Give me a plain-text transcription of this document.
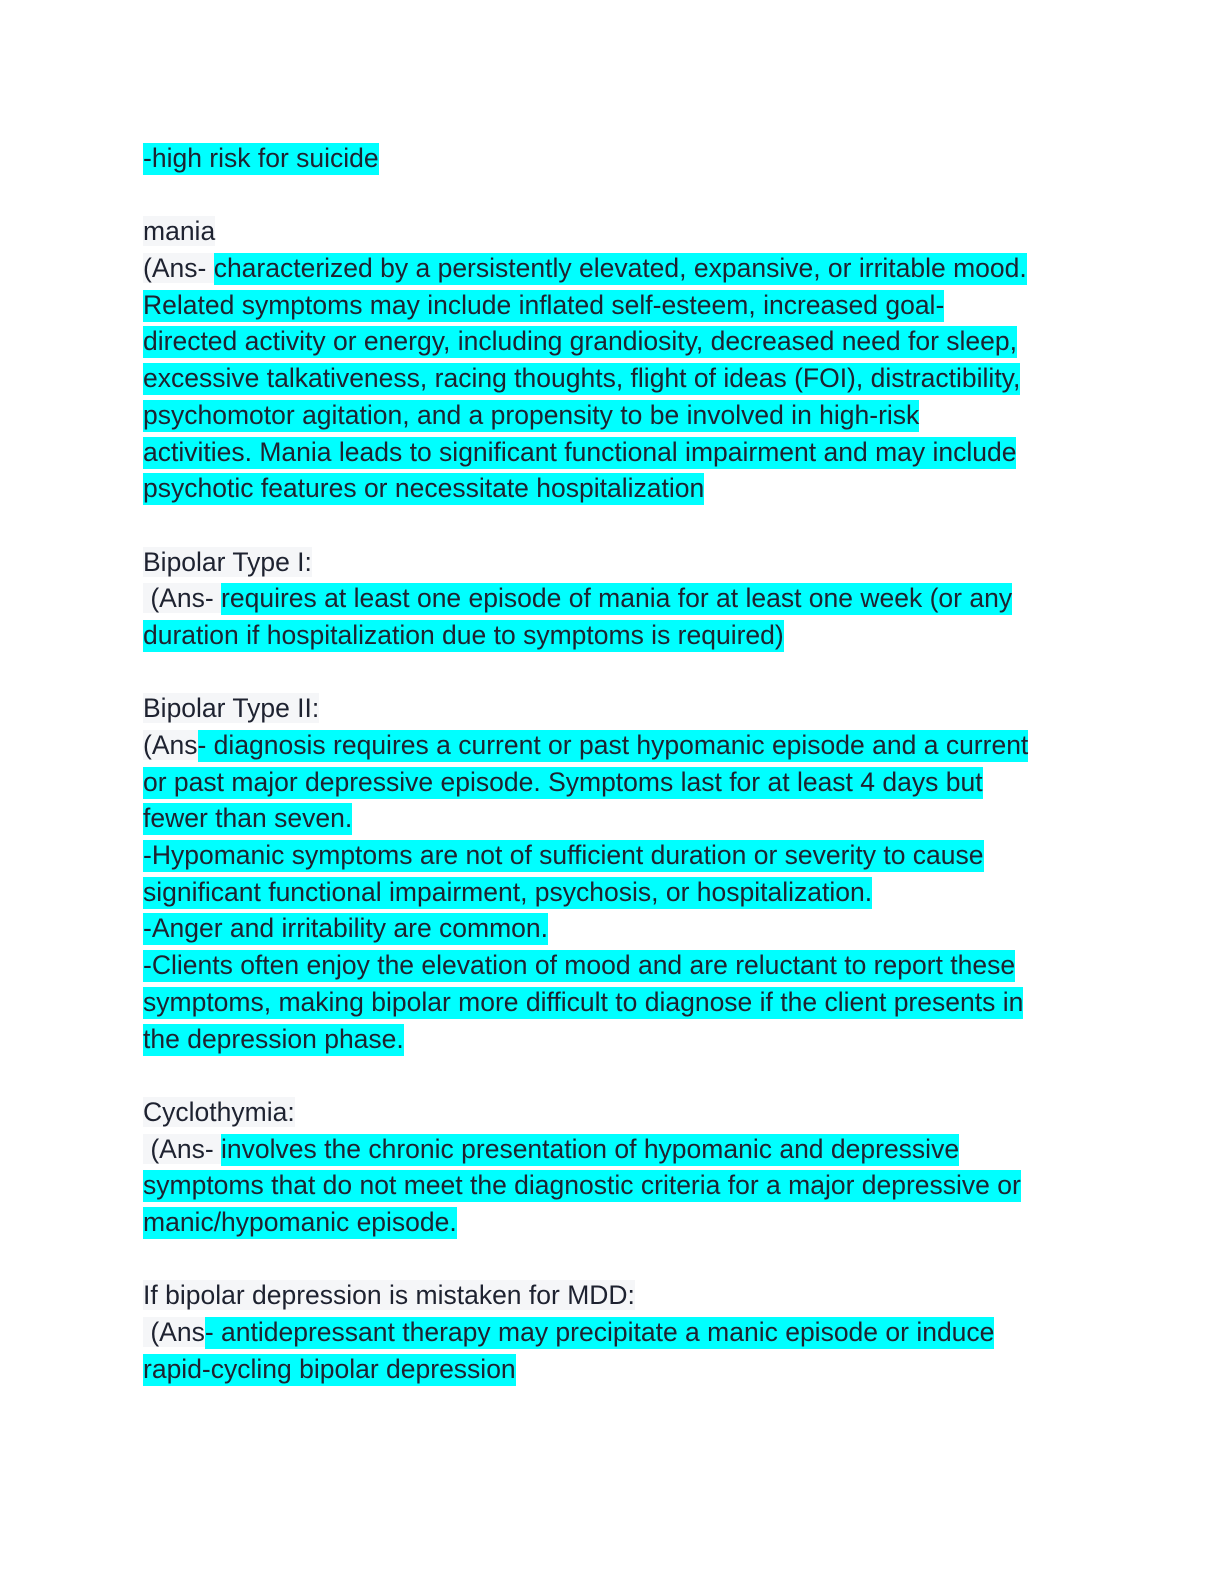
-high risk for suicide
mania
(Ans- characterized by a persistently elevated, expansive, or irritable mood.
Related symptoms may include inflated self-esteem, increased goal-
directed activity or energy, including grandiosity, decreased need for sleep,
excessive talkativeness, racing thoughts, flight of ideas (FOI), distractibility,
psychomotor agitation, and a propensity to be involved in high-risk
activities. Mania leads to significant functional impairment and may include
psychotic features or necessitate hospitalization
Bipolar Type I:
(Ans- requires at least one episode of mania for at least one week (or any
duration if hospitalization due to symptoms is required)
Bipolar Type II:
(Ans- diagnosis requires a current or past hypomanic episode and a current
or past major depressive episode. Symptoms last for at least 4 days but
fewer than seven.
-Hypomanic symptoms are not of sufficient duration or severity to cause
significant functional impairment, psychosis, or hospitalization.
-Anger and irritability are common.
-Clients often enjoy the elevation of mood and are reluctant to report these
symptoms, making bipolar more difficult to diagnose if the client presents in
the depression phase.
Cyclothymia:
(Ans- involves the chronic presentation of hypomanic and depressive
symptoms that do not meet the diagnostic criteria for a major depressive or
manic/hypomanic episode.
If bipolar depression is mistaken for MDD:
(Ans- antidepressant therapy may precipitate a manic episode or induce
rapid-cycling bipolar depression
